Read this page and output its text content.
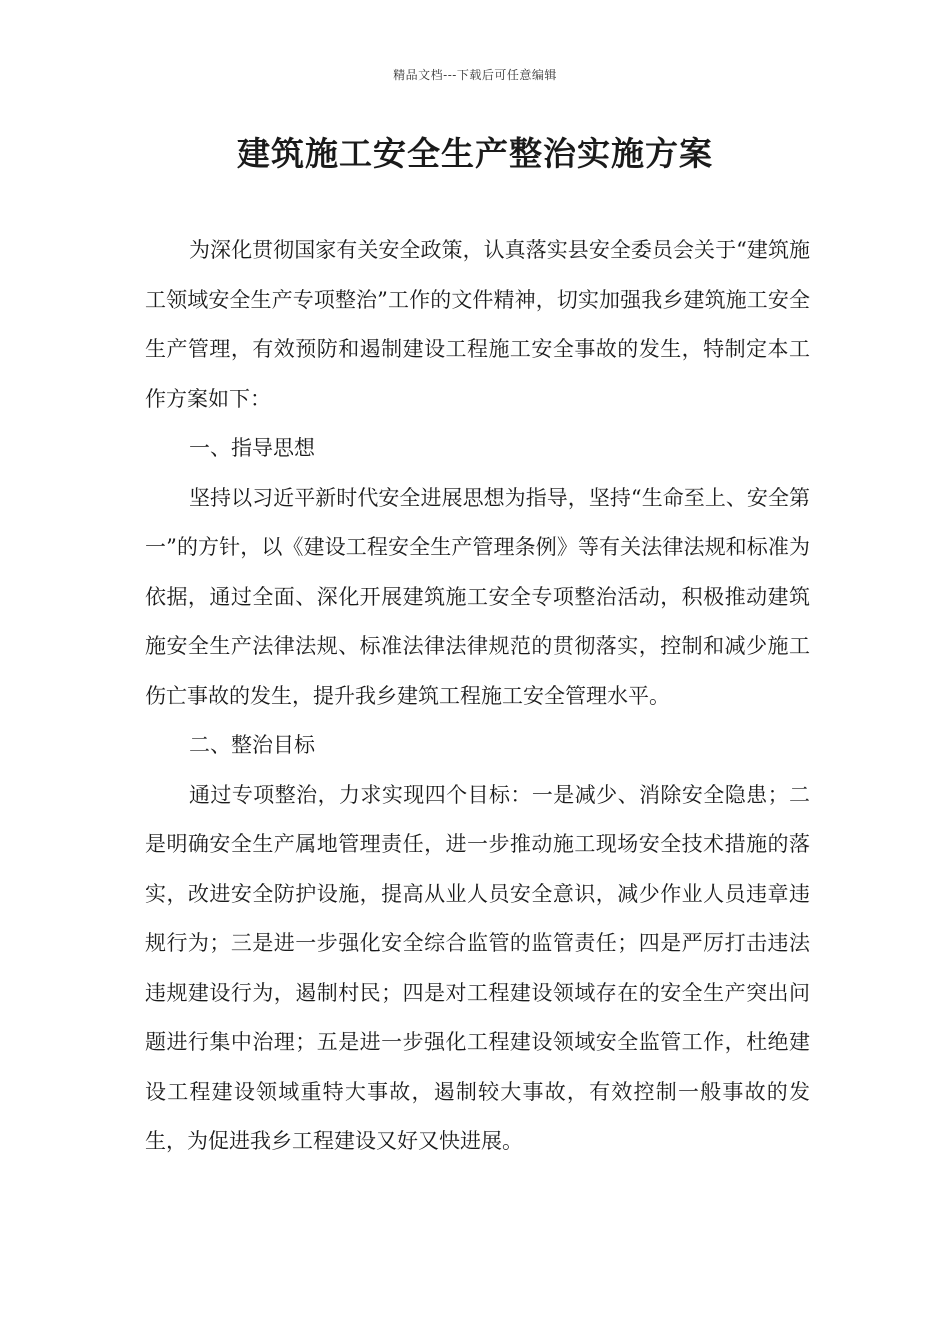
精品文档---下载后可任意编辑
建筑施工安全生产整治实施方案

为深化贯彻国家有关安全政策，认真落实县安全委员会关于“建筑施工领域安全生产专项整治”工作的文件精神，切实加强我乡建筑施工安全生产管理，有效预防和遏制建设工程施工安全事故的发生，特制定本工作方案如下：

一、指导思想

坚持以习近平新时代安全进展思想为指导，坚持“生命至上、安全第一”的方针，以《建设工程安全生产管理条例》等有关法律法规和标准为依据，通过全面、深化开展建筑施工安全专项整治活动，积极推动建筑施安全生产法律法规、标准法律法律规范的贯彻落实，控制和减少施工伤亡事故的发生，提升我乡建筑工程施工安全管理水平。

二、整治目标

通过专项整治，力求实现四个目标：一是减少、消除安全隐患；二是明确安全生产属地管理责任，进一步推动施工现场安全技术措施的落实，改进安全防护设施，提高从业人员安全意识，减少作业人员违章违规行为；三是进一步强化安全综合监管的监管责任；四是严厉打击违法违规建设行为，遏制村民；四是对工程建设领域存在的安全生产突出问题进行集中治理；五是进一步强化工程建设领域安全监管工作，杜绝建设工程建设领域重特大事故，遏制较大事故，有效控制一般事故的发生，为促进我乡工程建设又好又快进展。
